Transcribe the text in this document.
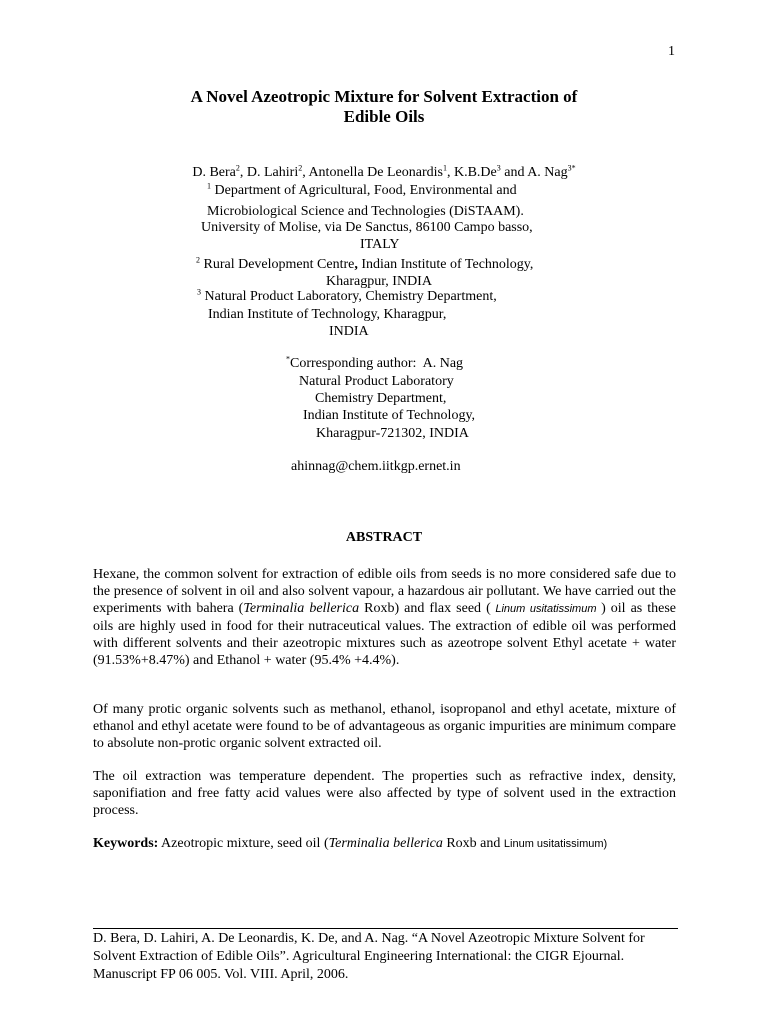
1
A Novel Azeotropic Mixture for Solvent Extraction of
Edible Oils
D. Bera$^2$, D. Lahiri$^2$, Antonella De Leonardis$^1$, K.B.De$^3$ and A. Nag$^{3*}$
$^1$ Department of Agricultural, Food, Environmental and
Microbiological Science and Technologies (DiSTAAM).
University of Molise, via De Sanctus, 86100 Campo basso,
ITALY
$^2$ Rural Development Centre, Indian Institute of Technology,
Kharagpur, INDIA
$^3$ Natural Product Laboratory, Chemistry Department,
Indian Institute of Technology, Kharagpur,
INDIA
*Corresponding author:  A. Nag
Natural Product Laboratory
Chemistry Department,
Indian Institute of Technology,
Kharagpur-721302, INDIA
ahinnag@chem.iitkgp.ernet.in
ABSTRACT
Hexane, the common solvent for extraction of edible oils from seeds is no more considered safe due to the presence of solvent in oil and also solvent vapour, a hazardous air pollutant. We have carried out the experiments with bahera (Terminalia bellerica Roxb) and flax seed ( Linum usitatissimum ) oil as these oils are highly used in food for their nutraceutical values. The extraction of edible oil was performed with different solvents and their azeotropic mixtures such as azeotrope solvent Ethyl acetate + water (91.53%+8.47%) and Ethanol + water (95.4% +4.4%).
Of many protic organic solvents such as methanol, ethanol, isopropanol and ethyl acetate, mixture of ethanol and ethyl acetate were found to be of advantageous as organic impurities are minimum compare to absolute non-protic organic solvent extracted oil.
The oil extraction was temperature dependent. The properties such as refractive index, density, saponifiation and free fatty acid values were also affected by type of solvent used in the extraction process.
Keywords: Azeotropic mixture, seed oil (Terminalia bellerica Roxb and Linum usitatissimum)
D. Bera, D. Lahiri, A. De Leonardis, K. De, and A. Nag. “A Novel Azeotropic Mixture Solvent for Solvent Extraction of Edible Oils”. Agricultural Engineering International: the CIGR Ejournal. Manuscript FP 06 005. Vol. VIII. April, 2006.
